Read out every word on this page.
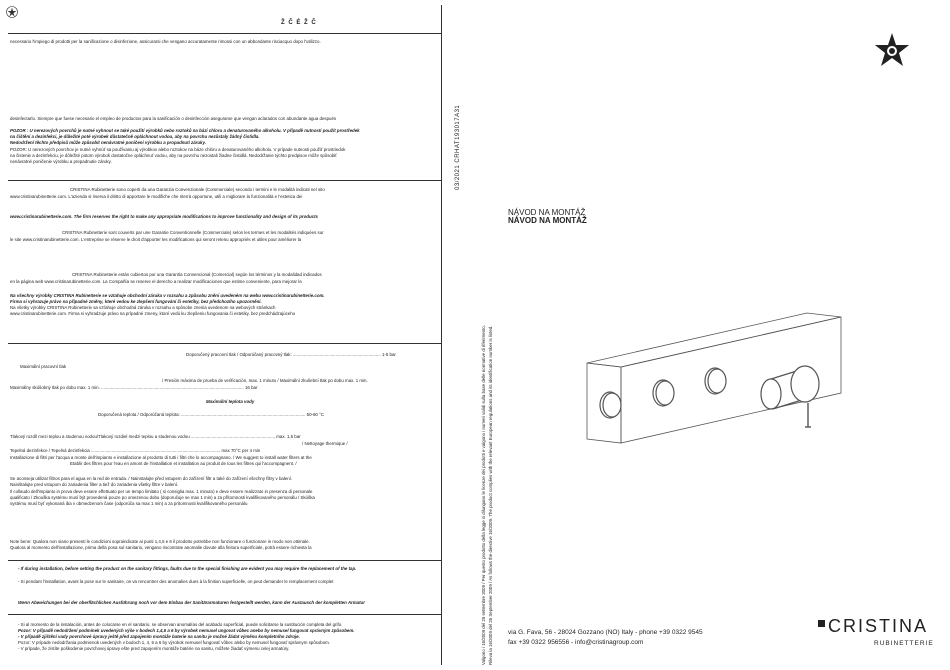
Ž Č É Ž Č
necessario l'impiego di prodotti per la sanificazione o disinfezione, assicurarsi che vengano accuratamente rimossi con un abbondante risciacquo dopo l'utilizzo.
desinfectarlo. Siempre que fuese necesario el empleo de productos para la sanificación o desinfección asegurarse que vengan aclarados con abundante agua después
POZOR : U nerezových povrchů je nutné vyhnout se také použití výrobků nebo roztoků na bázi chloru a denaturovaného alkoholu. V případě nutnosti použít prostředek
na čištění a dezinfekci, je důležité poté výrobek důstatečně opláchnout vodou, aby na povrchu nezůstaly žádný čistidla.
Nedodržení těchto předpisů může způsobit nenávratné poničení výrobku a propadnutí záruky.
POZOR: U nerezových povrchov je nutné vyhnúť sa používaniu aj výrobkov alebo roztokov na báze chlóru a denaturovaného alkoholu. V prípade nutnosti použiť prostriedok
na čistenie a dezinfekciu, je dôležité potom výrobok dostatočne opláchnuť vodou, aby na povrchu nezostali žiadne čistidlá. Nedodržanie týchto predpisov môže spôsobiť
nenávratné poničenie výrobku a prepadnutie záruky.
CRISTINA Rubinetterie sono coperti da una Garanzia Convenzionale (Commerciale) secondo i termini e le modalità indicati nel sito
www.cristinarubinetterie.com. L'azienda si riserva il diritto di apportare le modifiche che riterrà opportune, utili a migliorare la funzionalità e l'estetica dei
www.cristinarubinetterie.com. The firm reserves the right to make any appropriate modifications to improve functionality and design of its products
CRISTINA Rubinetterie sont couverts par une Garantie Conventionnelle (Commerciale) selon les termes et les modalités indiquées sur
le site www.cristinarubinetterie.com. L'entreprise se réserve le droit d'apporter les modifications qui seront retenu appropriés et utiles pour améliorer la
CRISTINA Rubinetterie están cubiertos por una Garantía Convencional (Comercial) según los términos y la modalidad indicados
en la página web www.cristinarubinetterie.com. La Compañía se reserve el derecho a realizar modificaciones que estime conveniente, para mejorar la
Na všechny výrobky CRISTINA Rubinetterie se vztahuje obchodní záruka v rozsahu a způsobu zněni uvedeném na webu www.cristinarubinetterie.com.
Firma si vyhrazuje právo na případné změny, které vedou ke zlepšení fungování či estetiky, bez předchozího upozornění.
Na všetky výrobky CRISTINA Rubinetterie sa vzťahuje obchodná záruka v rozsahu a spôsobe znenia uvedenom na webových stránkach
www.cristinarubinetterie.com. Firma si vyhradzuje právo na prípadné zmeny, ktoré vedú ku zlepšeniu fungovania či estetiky, bez predchádzajúceho
Doporučený pracovní tlak / Odporúčaný pracovný tlak: ........................................................................ 1-5 bar
Maximální pracovní tlak
/ Presión máxima de prueba de verificación, max. 1 minuto / Maximální zkušební tlak po dobu max. 1 min.
Maximálny skúšobný tlak po dobu max. 1 min. ..................................................................................................................... 16 bar
Maximální teplota vody
Doporučená teplota / Odporúčaná teplota: ...................................................................................................... 50-60 °C
Tlakový rozdíl mezi teplou a studenou vodou/Tlakový rozdiel medzi teplou a studenou vodou ..................................................................... max. 1,5 bar
/ Nettoyage thermique /
Tepelná dezinfekce / Tepelná dezinfekcia .......................................................................................................... max 70°C per 4 min
Installazione di filtri per l'acqua a monte dell'impianto e installazione al prodotto di tutti i filtri che lo accompagnano. / We suggest to install water filters at the
Etablir des filtres pour l'eau en amont de l'installation et installation au produit de tous les filtres qui l'accompagnent. /
Se aconseja utilizar filtros para el agua en la red de entrada. / Nainstalujte před vstupem do zařízení filtr a také do zařízení všechny filtry v balení.
Nainštalujte pred vstupom do zariadenia filter a tiež do zariadenia všetky filtre v balení.
Il collaudo dell'impianto in prova deve essere effettuato per un tempo limitato ( si consiglia max. 1 minuto) e deve essere realizzato in presenza di personale
qualificato / Zkouška systému musí být provedená pouze po omezenou dobu (doporučuje se max 1 min) a za přítomnosti kvalifikovaného personálu / Skúška
systému musí byť vykonaná iba v obmedzenom čase (odporúča sa max 1 min) a za prítomnosti kvalifikovaného personálu
Note bene: Qualora non siano presenti le condizioni sopraindicate ai punti 1,4,5 e 6 il prodotto potrebbe non funzionare o funzionare in modo non ottimale.
Qualora al momento dell'installazione, prima della posa sul sanitario, vengano riscontrate anomalie dovute alla finitura superficiale, potrà essere richiesta la
- If during installation, before setting the product on the sanitary fittings, faults due to the special finishing are evident you may require the replacement of the tap.
- Si pendant l'installation, avant la pose sur le sanitaire, on va rencontrer des anomalies dues à la finition superficielle, on peut demander le remplacement complet
Wenn Abweichungen bei der oberflächlichen Ausführung noch vor dem Einbau der Sanitärarmaturen festgestellt werden, kann der Austausch der kompletten Armatur
- Si al momento de la instalación, antes de colocarse en el sanitario, se observan anomalías del acabado superficial, puede solicitarse la sustitución completa del grifo.
Pozor: V případě nedodržení podmínek uvedených výše v bodech 1,4,5 a 6 by výrobek nemusel ungovat vůbec anebo by nemusel fungovat správným způsobem.
- V případě zjištění vady povrchové úpravy ještě před zapojením montáže baterie na sanitu je možné žádat výměnu kompletního zdroje.
Pozor: V prípade nedodržania podmienok uvedených v bodoch 1, 4, 5 a 6 by výrobok nemusel fungovať vôbec alebo by nemusel fungovať správnym spôsobom.
- V prípade, že zistíte poškodenie povrchovej úpravy ešte pred zapojením montáže batérie na sanitu, môžete žiadať výmenu celej armatúry.
03/2021 CRHAT193017A31
Valgono i 16/2009 del 25 settembre 2009 / Per questo prodotto della legge si dilungano le licenze dei prodotti e valgono i numeri validi sulla base delle normative di riferimento. Rileva la 16/2009 del 25 September 2009 / As follows the directive 16/2009. The product complies with the relevant European regulations and its identification number is listed.
NÁVOD NA MONTÁŽ
NÁVOD NA MONTÁŽ
CRISTINA
RUBINETTERIE
via G. Fava, 56 - 28024 Gozzano (NO) Italy - phone +39 0322 9545
fax +39 0322 956556 - info@cristinagroup.com
